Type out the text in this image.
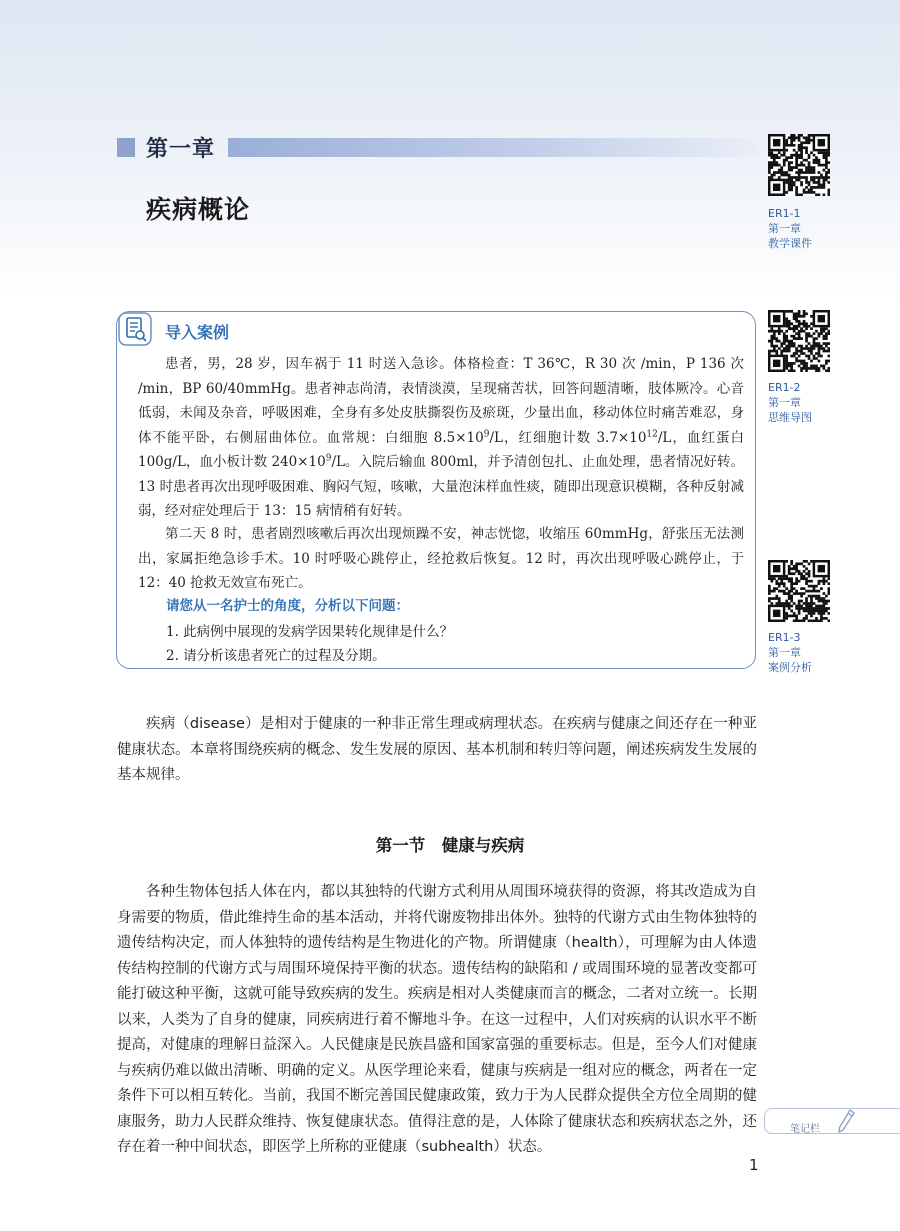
第一章
疾病概论	ER1-1
第一章
教学课件
ER1-2
第一章
思维导图
ER1-3
第一章
案例分析
导入案例

患者，男，28 岁，因车祸于 11 时送入急诊。体格检查：T 36℃，R 30 次 /min，P 136 次 /min，BP 60/40mmHg。患者神志尚清，表情淡漠，呈现痛苦状，回答问题清晰，肢体厥冷。心音低弱，未闻及杂音，呼吸困难，全身有多处皮肤撕裂伤及瘀斑，少量出血，移动体位时痛苦难忍，身体不能平卧，右侧屈曲体位。血常规：白细胞 $8.5\times 10^9/L$，红细胞计数 $3.7\times 10^{12}/L$，血红蛋白 100g/L，血小板计数 $240\times 10^9/L$。入院后输血 800ml，并予清创包扎、止血处理，患者情况好转。13 时患者再次出现呼吸困难、胸闷气短，咳嗽，大量泡沫样血性痰，随即出现意识模糊，各种反射减弱，经对症处理后于 13：15 病情稍有好转。

第二天 8 时，患者剧烈咳嗽后再次出现烦躁不安，神志恍惚，收缩压 60mmHg，舒张压无法测出，家属拒绝急诊手术。10 时呼吸心跳停止，经抢救后恢复。12 时，再次出现呼吸心跳停止，于 12：40 抢救无效宣布死亡。

请您从一名护士的角度，分析以下问题：
1. 此病例中展现的发病学因果转化规律是什么？
2. 请分析该患者死亡的过程及分期。

疾病（disease）是相对于健康的一种非正常生理或病理状态。在疾病与健康之间还存在一种亚健康状态。本章将围绕疾病的概念、发生发展的原因、基本机制和转归等问题，阐述疾病发生发展的基本规律。

第一节　健康与疾病

各种生物体包括人体在内，都以其独特的代谢方式利用从周围环境获得的资源，将其改造成为自身需要的物质，借此维持生命的基本活动，并将代谢废物排出体外。独特的代谢方式由生物体独特的遗传结构决定，而人体独特的遗传结构是生物进化的产物。所谓健康（health），可理解为由人体遗传结构控制的代谢方式与周围环境保持平衡的状态。遗传结构的缺陷和 / 或周围环境的显著改变都可能打破这种平衡，这就可能导致疾病的发生。疾病是相对人类健康而言的概念，二者对立统一。长期以来，人类为了自身的健康，同疾病进行着不懈地斗争。在这一过程中，人们对疾病的认识水平不断提高，对健康的理解日益深入。人民健康是民族昌盛和国家富强的重要标志。但是，至今人们对健康与疾病仍难以做出清晰、明确的定义。从医学理论来看，健康与疾病是一组对应的概念，两者在一定条件下可以相互转化。当前，我国不断完善国民健康政策，致力于为人民群众提供全方位全周期的健康服务，助力人民群众维持、恢复健康状态。值得注意的是，人体除了健康状态和疾病状态之外，还存在着一种中间状态，即医学上所称的亚健康（subhealth）状态。

笔记栏
1
